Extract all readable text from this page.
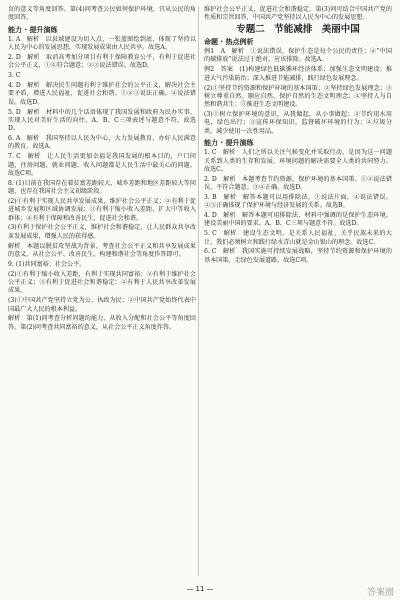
育的意义等角度回答。第(4)问考查公民如何保护环境，宜从公民的角度回答。

能力 · 提升演练

1. A　解析　以县域建设为切入点，一张蓝图绘到底，体现了坚持以人民为中心的发展思想，实现发展成果由人民共享。故选A。

2. D　解析　取消高考加分项目有利于保障教育公平，有利于促进社会公平正义，①④符合题意；②③说法错误。故选D。

3. C

4. D　解析　解决民生问题有利于维护社会的公平正义，解决社会主要矛盾，增进人民福祉，促进社会和谐。①②③说法正确，④说法错误。故选D。

5. D　解析　材料中的几个话语体现了我国发展和政府为民办实事，实现人民对美好生活的向往。A、B、C三项表述与题意不符。故选D。

6. A　解析　我国坚持以人民为中心，大力发展教育，办好人民满意的教育。故选A。

7. C　解析　让人民生活更加幸福是我国发展的根本目的，户口问题、住房问题、就业问题、收入问题都是人民生活中最关心的问题。故选C项。

8. (1)目前在我国存在着贫富差距较大，城乡差距和地区差距较大等问题，也存在我国社会主义初级阶段。

(2)①有利于实现人民共享发展成果，维护社会公平正义；②有利于促进城乡发展和区域协调发展；③有利于缩小收入差距，扩大中等收入群体；④有利于保障和改善民生，促进社会和谐。

(3)有利于保护社会公平正义，维护社会和谐稳定，让人民群众共享改革发展成果，增强人民的获得感。

解析　本题以脱贫攻坚战为背景，考查社会公平正义和共享发展成果的意义，从社会公平、改善民生、构建和谐社会等角度作答即可。

9. (1)共同富裕；社会公平。

(2)①有利于缩小收入差距，有利于实现共同富裕；②有利于维护社会公平正义；③有利于促进社会和谐稳定；④有利于人民共享改革发展成果。

(3)①中国共产党坚持立党为公、执政为民；②中国共产党始终代表中国最广大人民的根本利益。

解析　第(1)问考查分析问题的能力，从收入分配和社会公平等角度回答。第(2)问考查共同富裕的意义，从社会公平正义角度作答。

维护社会公平正义，促进社会和谐稳定。第(3)问可结合中国共产党的性质和宗旨回答，中国共产党坚持以人民为中心的发展思想。

专题二　节能减排　美丽中国
命题 · 热点例析

例1　A　解析　①说法错误，保护生态是每个公民的责任；④“中国的碳排放”说法过于绝对，应该排除。故选A。

例2　答案　(1)构建绿色低碳循环经济体系；加强生态文明建设；推进大气污染防治；深入推进节能减排，践行绿色发展理念。

(2)①坚持节约资源和保护环境的基本国策；②坚持绿色发展理念；③树立尊重自然、顺应自然、保护自然的生态文明理念；④坚持人与自然和谐共生；⑤推进生态文明建设。

(3)①树立保护环境的意识，从我做起，从小事做起；②节约用水用电，绿色出行；③宣传环保知识，监督破坏环境的行为；④垃圾分类，减少使用一次性用品。

能力 · 提升演练

1. C　解析　人们之所以关注气候变化并采取行动，是因为这一问题关系到人类的生存和发展，环境问题的解决需要全人类的共同努力。故选C。

2. D　解析　本题考查节约资源，保护环境的基本国策。①②说法错误，不符合题意。③④正确。故选D。

3. B　解析　解答本题可以用排除法，①说法片面，④说法错误。②③正确体现了保护环境与经济发展的关系。故选B。

4. D　解析　解答本题可用排除法，材料中强调的是保护生态环境，建设美丽中国的要求，A、B、C三项与题意不符。故选D。

5. C　解析　建设生态文明，是关系人民福祉、关乎民族未来的大计，我们必须树立和践行绿水青山就是金山银山的理念。故选C。

6. C　解析　我国实施可持续发展战略，坚持节约资源和保护环境的基本国策，走绿色发展道路。故选C项。

— 11 —	答案圈
